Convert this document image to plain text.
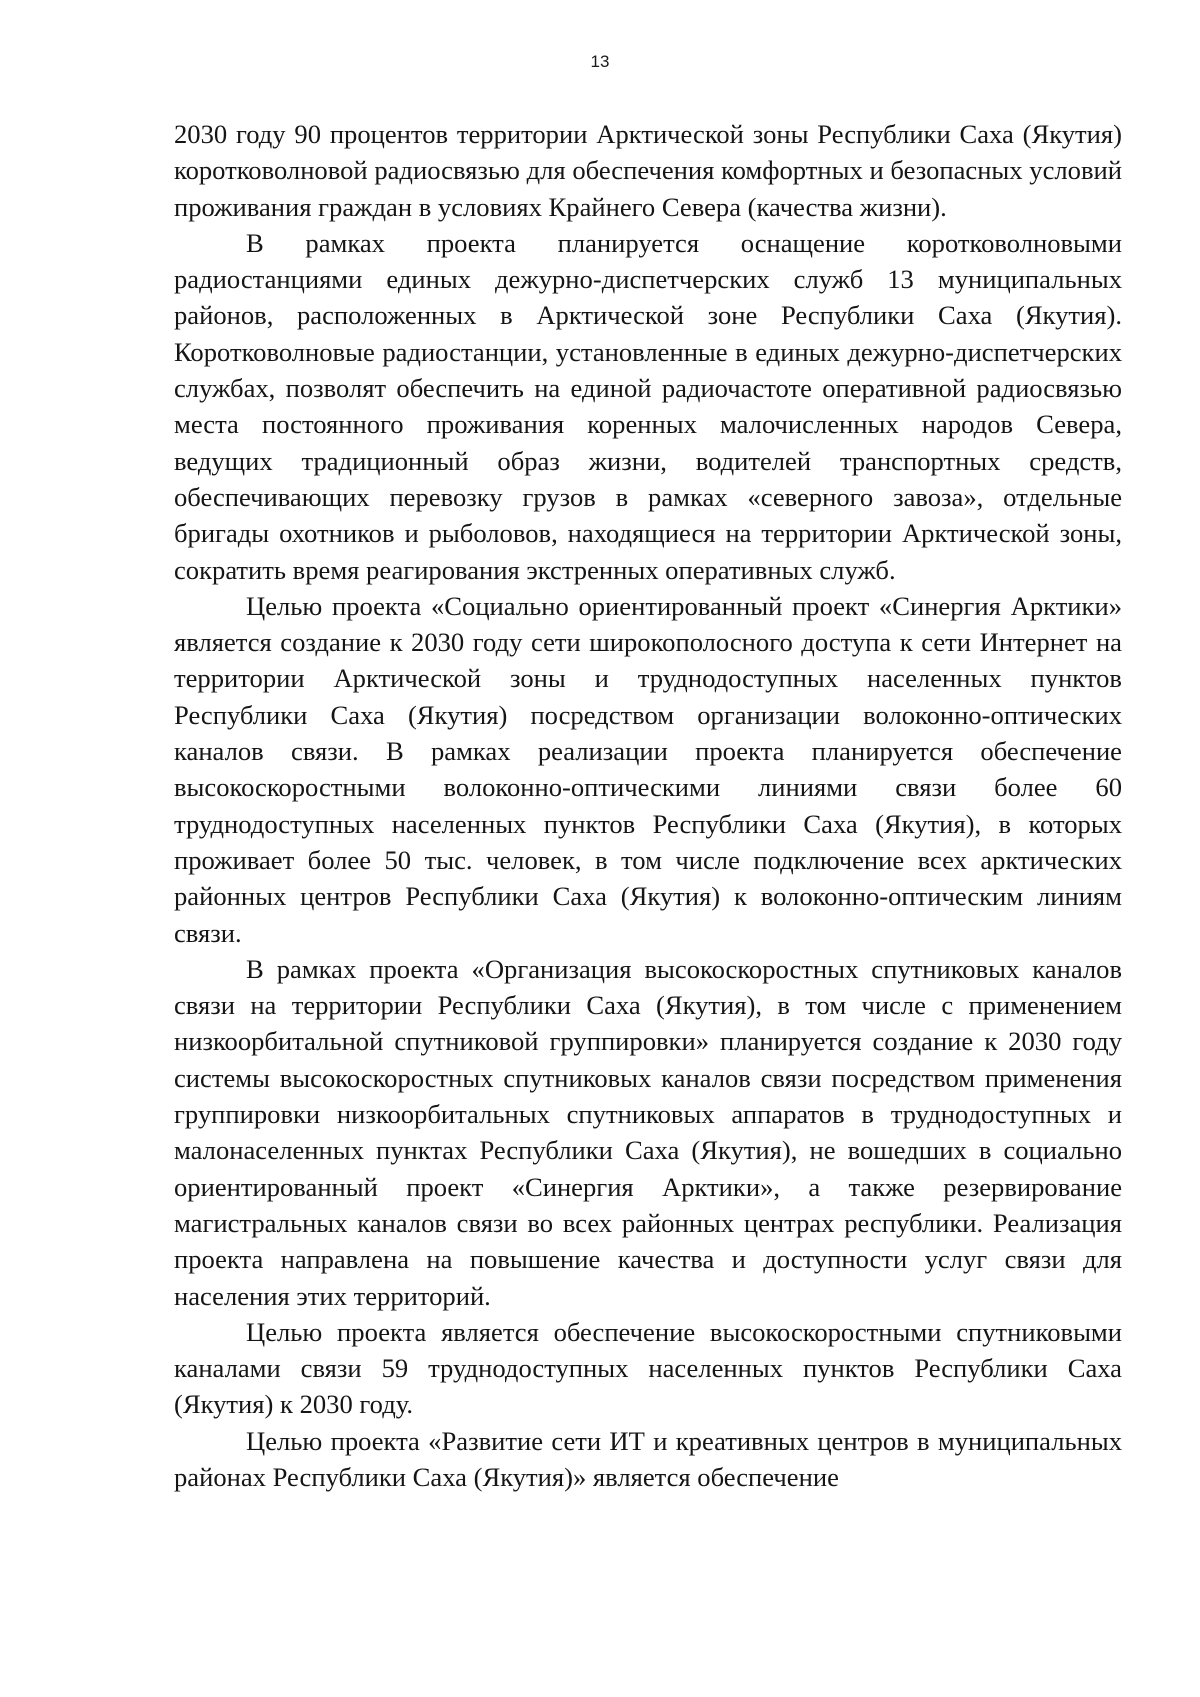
13

2030 году 90 процентов территории Арктической зоны Республики Саха (Якутия) коротковолновой радиосвязью для обеспечения комфортных и безопасных условий проживания граждан в условиях Крайнего Севера (качества жизни).

В рамках проекта планируется оснащение коротковолновыми радиостанциями единых дежурно-диспетчерских служб 13 муниципальных районов, расположенных в Арктической зоне Республики Саха (Якутия). Коротковолновые радиостанции, установленные в единых дежурно-диспетчерских службах, позволят обеспечить на единой радиочастоте оперативной радиосвязью места постоянного проживания коренных малочисленных народов Севера, ведущих традиционный образ жизни, водителей транспортных средств, обеспечивающих перевозку грузов в рамках «северного завоза», отдельные бригады охотников и рыболовов, находящиеся на территории Арктической зоны, сократить время реагирования экстренных оперативных служб.

Целью проекта «Социально ориентированный проект «Синергия Арктики» является создание к 2030 году сети широкополосного доступа к сети Интернет на территории Арктической зоны и труднодоступных населенных пунктов Республики Саха (Якутия) посредством организации волоконно-оптических каналов связи. В рамках реализации проекта планируется обеспечение высокоскоростными волоконно-оптическими линиями связи более 60 труднодоступных населенных пунктов Республики Саха (Якутия), в которых проживает более 50 тыс. человек, в том числе подключение всех арктических районных центров Республики Саха (Якутия) к волоконно-оптическим линиям связи.

В рамках проекта «Организация высокоскоростных спутниковых каналов связи на территории Республики Саха (Якутия), в том числе с применением низкоорбитальной спутниковой группировки» планируется создание к 2030 году системы высокоскоростных спутниковых каналов связи посредством применения группировки низкоорбитальных спутниковых аппаратов в труднодоступных и малонаселенных пунктах Республики Саха (Якутия), не вошедших в социально ориентированный проект «Синергия Арктики», а также резервирование магистральных каналов связи во всех районных центрах республики. Реализация проекта направлена на повышение качества и доступности услуг связи для населения этих территорий.

Целью проекта является обеспечение высокоскоростными спутниковыми каналами связи 59 труднодоступных населенных пунктов Республики Саха (Якутия) к 2030 году.

Целью проекта «Развитие сети ИТ и креативных центров в муниципальных районах Республики Саха (Якутия)» является обеспечение
